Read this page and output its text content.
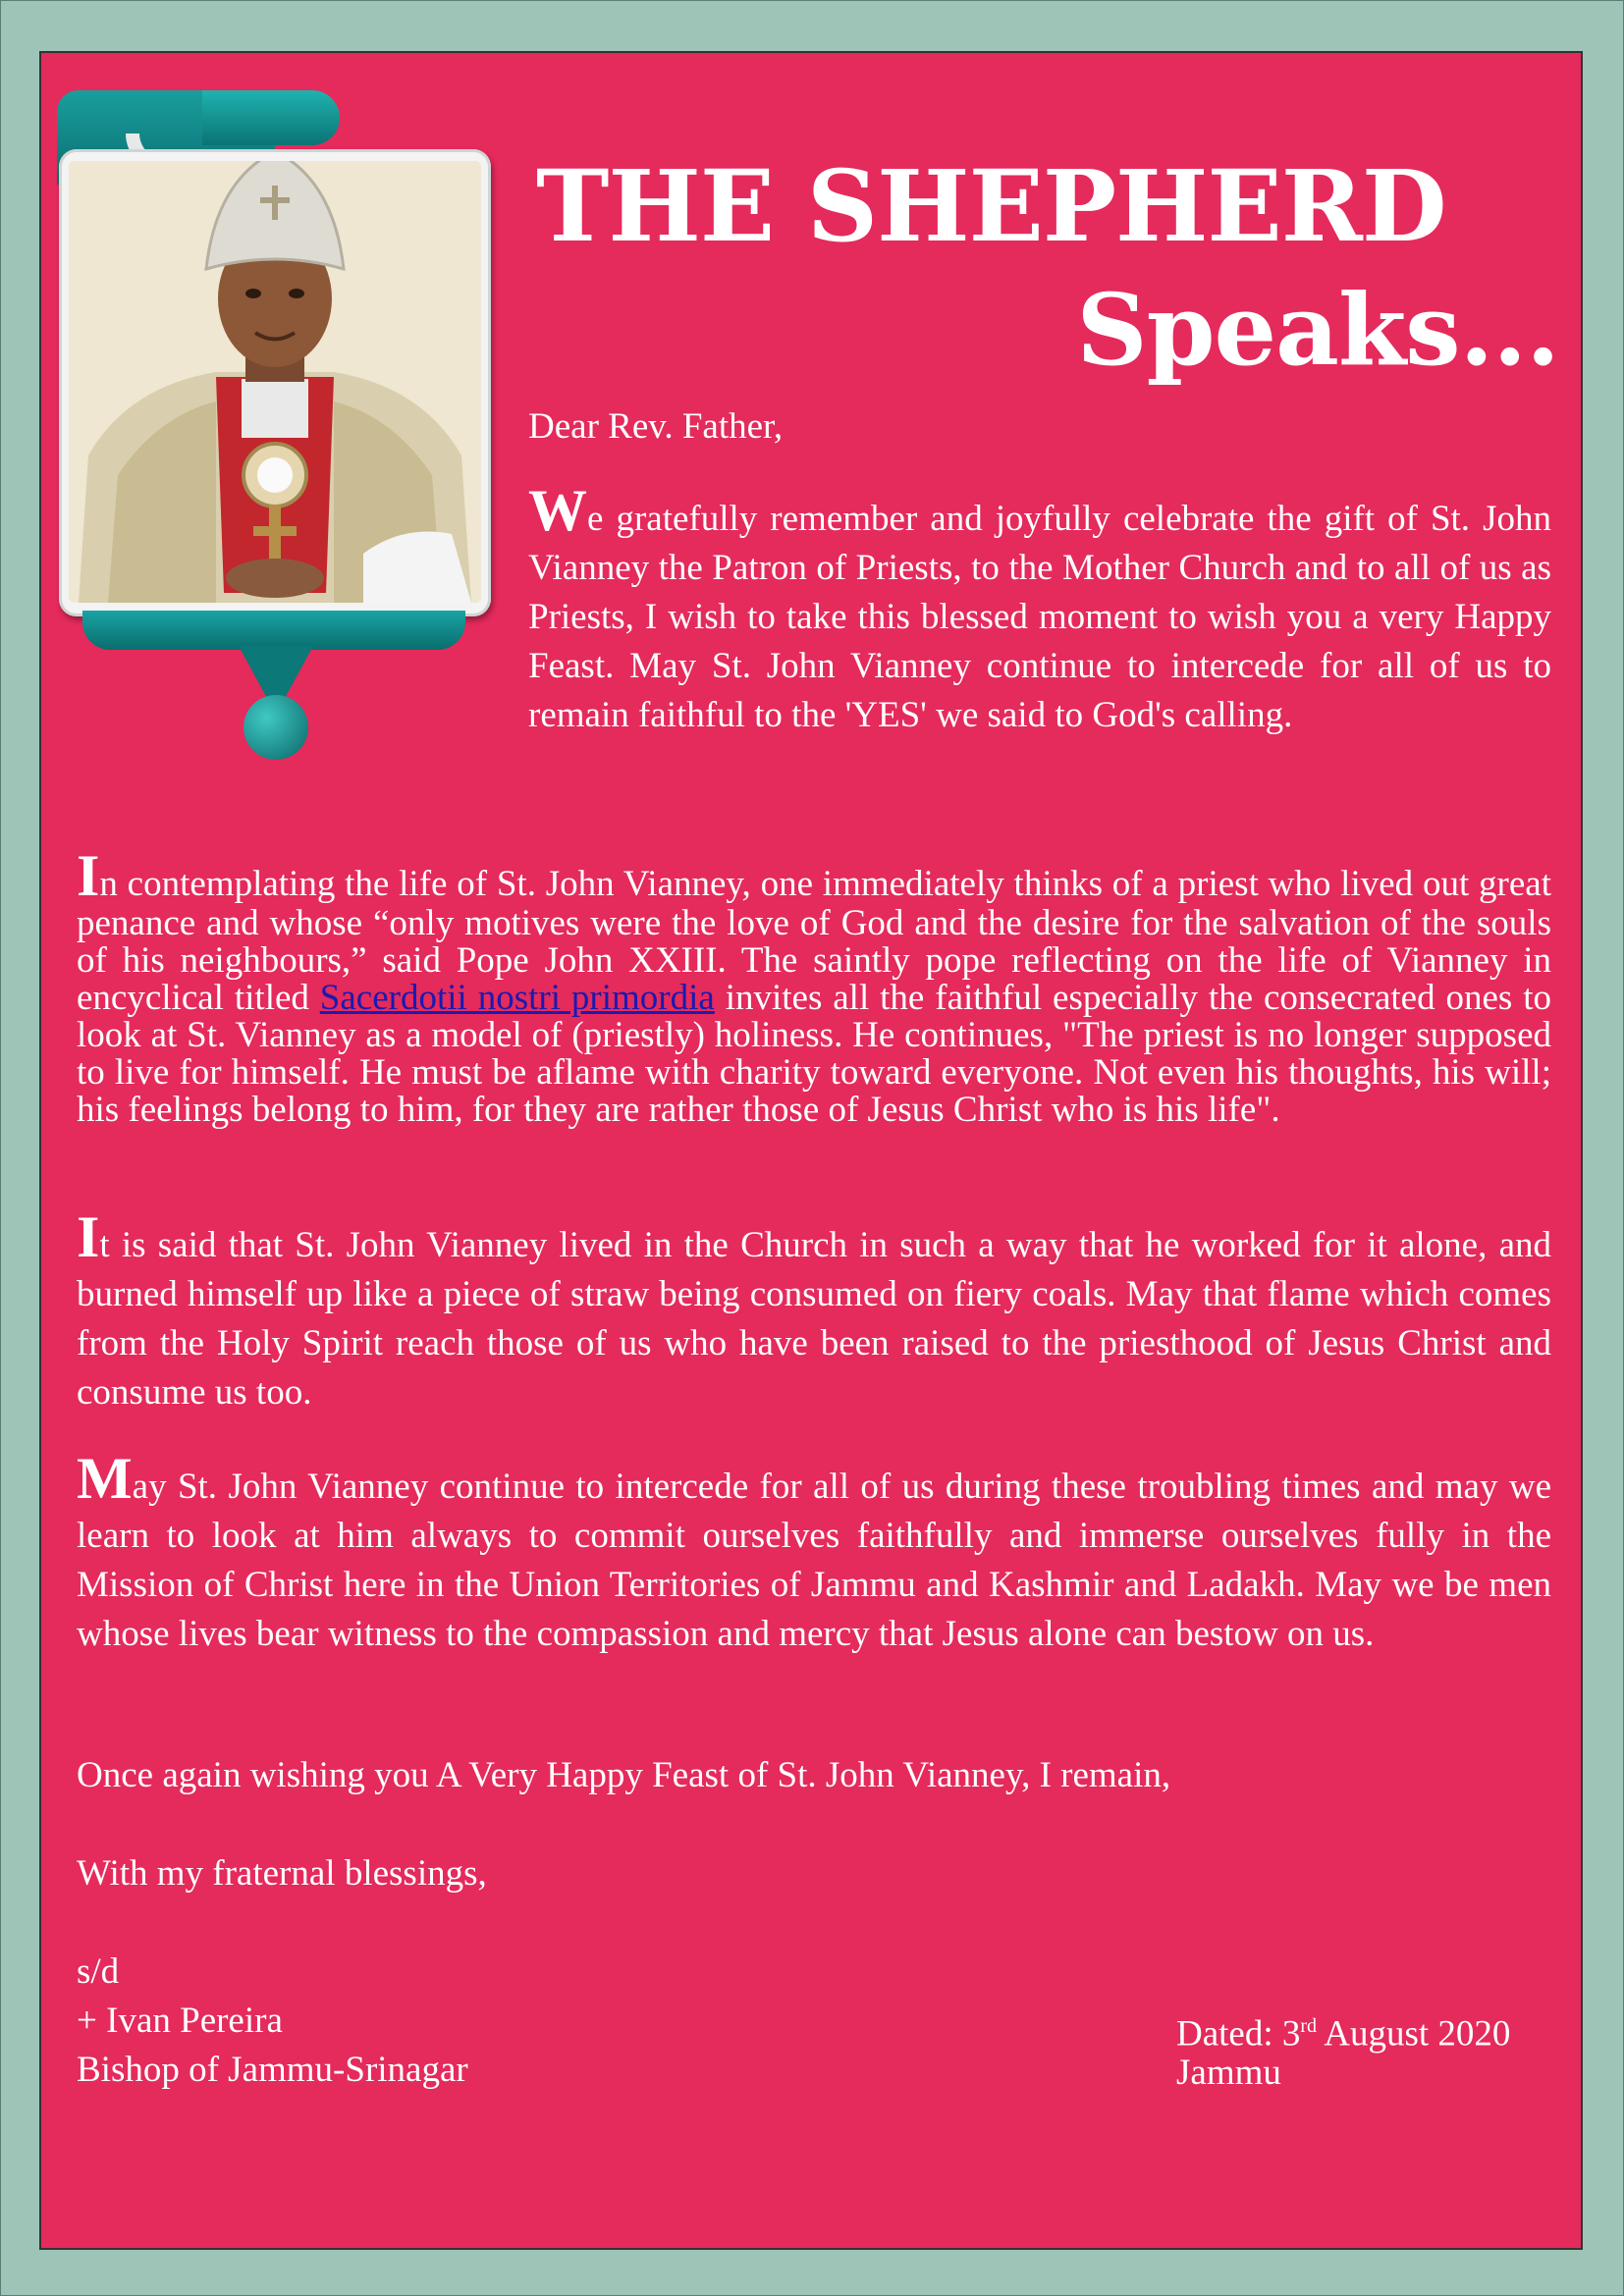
THE SHEPHERD
Speaks...

Dear Rev. Father,

We gratefully remember and joyfully celebrate the gift of St. John Vianney the Patron of Priests, to the Mother Church and to all of us as Priests, I wish to take this blessed moment to wish you a very Happy Feast. May St. John Vianney continue to intercede for all of us to remain faithful to the 'YES' we said to God's calling.

In contemplating the life of St. John Vianney, one immediately thinks of a priest who lived out great penance and whose “only motives were the love of God and the desire for the salvation of the souls of his neighbours,” said Pope John XXIII. The saintly pope reflecting on the life of Vianney in encyclical titled Sacerdotii nostri primordia invites all the faithful especially the consecrated ones to look at St. Vianney as a model of (priestly) holiness. He continues, "The priest is no longer supposed to live for himself. He must be aflame with charity toward everyone. Not even his thoughts, his will; his feelings belong to him, for they are rather those of Jesus Christ who is his life".

It is said that St. John Vianney lived in the Church in such a way that he worked for it alone, and burned himself up like a piece of straw being consumed on fiery coals. May that flame which comes from the Holy Spirit reach those of us who have been raised to the priesthood of Jesus Christ and consume us too.

May St. John Vianney continue to intercede for all of us during these troubling times and may we learn to look at him always to commit ourselves faithfully and immerse ourselves fully in the Mission of Christ here in the Union Territories of Jammu and Kashmir and Ladakh. May we be men whose lives bear witness to the compassion and mercy that Jesus alone can bestow on us.

Once again wishing you A Very Happy Feast of St. John Vianney, I remain,

With my fraternal blessings,

s/d
+ Ivan Pereira
Bishop of Jammu-Srinagar
Dated: 3rd August 2020
Jammu
